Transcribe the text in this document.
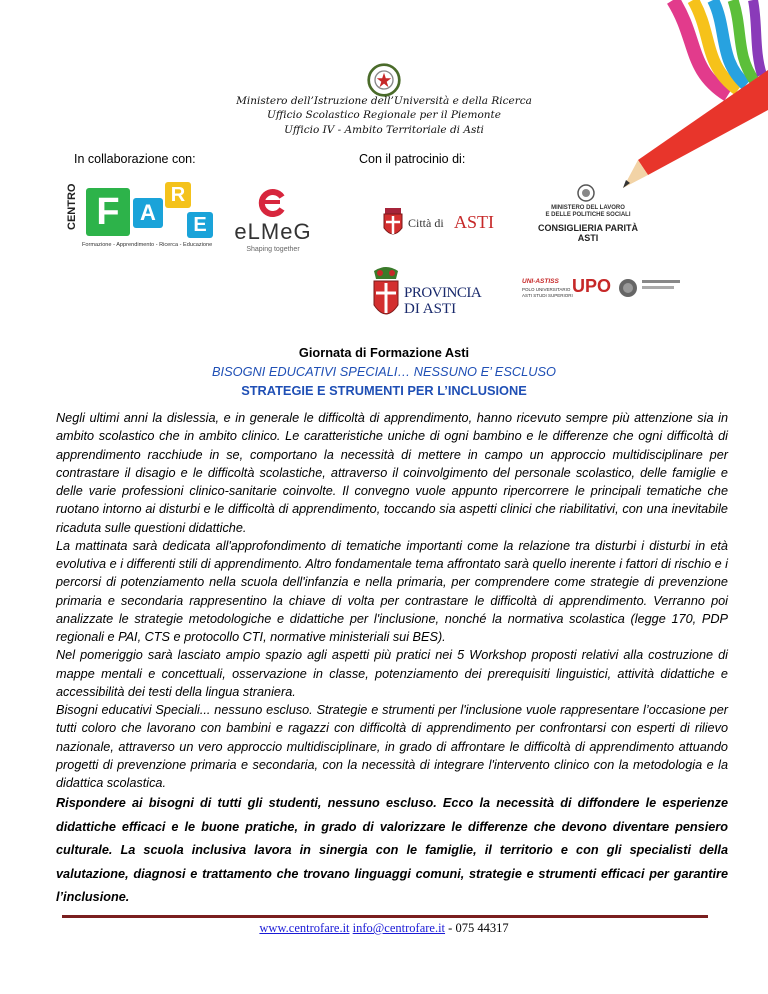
Ministero dell’Istruzione dell’Università e della Ricerca
Ufficio Scolastico Regionale per il Piemonte
Ufficio IV - Ambito Territoriale di Asti
In collaborazione con:	Con il patrocinio di:
CENTRO F A
R
E
Formazione - Apprendimento - Ricerca - Educazione
eLMeG
Shaping together
Città di ASTI
MINISTERO DEL LAVORO
E DELLE POLITICHE SOCIALI
CONSIGLIERIA PARITÀ ASTI
PROVINCIA
DI ASTI
UNI-ASTISS
POLO UNIVERSITARIO
ASTI STUDI SUPERIORI UPO
Giornata di Formazione Asti
BISOGNI EDUCATIVI SPECIALI… NESSUNO E’ ESCLUSO
STRATEGIE E STRUMENTI PER L’INCLUSIONE

Negli ultimi anni la dislessia, e in generale le difficoltà di apprendimento, hanno ricevuto sempre più attenzione sia in ambito scolastico che in ambito clinico. Le caratteristiche uniche di ogni bambino e le differenze che ogni difficoltà di apprendimento racchiude in se, comportano la necessità di mettere in campo un approccio multidisciplinare per contrastare il disagio e le difficoltà scolastiche, attraverso il coinvolgimento del personale scolastico, delle famiglie e delle varie professioni clinico-sanitarie coinvolte. Il convegno vuole appunto ripercorrere le principali tematiche che ruotano intorno ai disturbi e le difficoltà di apprendimento, toccando sia aspetti clinici che riabilitativi, con una inevitabile ricaduta sulle questioni didattiche.

La mattinata sarà dedicata all'approfondimento di tematiche importanti come la relazione tra disturbi i disturbi in età evolutiva e i differenti stili di apprendimento. Altro fondamentale tema affrontato sarà quello inerente i fattori di rischio e i percorsi di potenziamento nella scuola dell'infanzia e nella primaria, per comprendere come strategie di prevenzione primaria e secondaria rappresentino la chiave di volta per contrastare le difficoltà di apprendimento. Verranno poi analizzate le strategie metodologiche e didattiche per l'inclusione, nonché la normativa scolastica (legge 170, PDP regionali e PAI, CTS e protocollo CTI, normative ministeriali sui BES).

Nel pomeriggio sarà lasciato ampio spazio agli aspetti più pratici nei 5 Workshop proposti relativi alla costruzione di mappe mentali e concettuali, osservazione in classe, potenziamento dei prerequisiti linguistici, attività didattiche e accessibilità dei testi della lingua straniera.

Bisogni educativi Speciali... nessuno escluso. Strategie e strumenti per l'inclusione vuole rappresentare l’occasione per tutti coloro che lavorano con bambini e ragazzi con difficoltà di apprendimento per confrontarsi con esperti di rilievo nazionale, attraverso un vero approccio multidisciplinare, in grado di affrontare le difficoltà di apprendimento attuando progetti di prevenzione primaria e secondaria, con la necessità di integrare l'intervento clinico con la metodologia e la didattica scolastica.

Rispondere ai bisogni di tutti gli studenti, nessuno escluso. Ecco la necessità di diffondere le esperienze didattiche efficaci e le buone pratiche, in grado di valorizzare le differenze che devono diventare pensiero culturale. La scuola inclusiva lavora in sinergia con le famiglie, il territorio e con gli specialisti della valutazione, diagnosi e trattamento che trovano linguaggi comuni, strategie e strumenti efficaci per garantire l’inclusione.

www.centrofare.it info@centrofare.it - 075 44317
